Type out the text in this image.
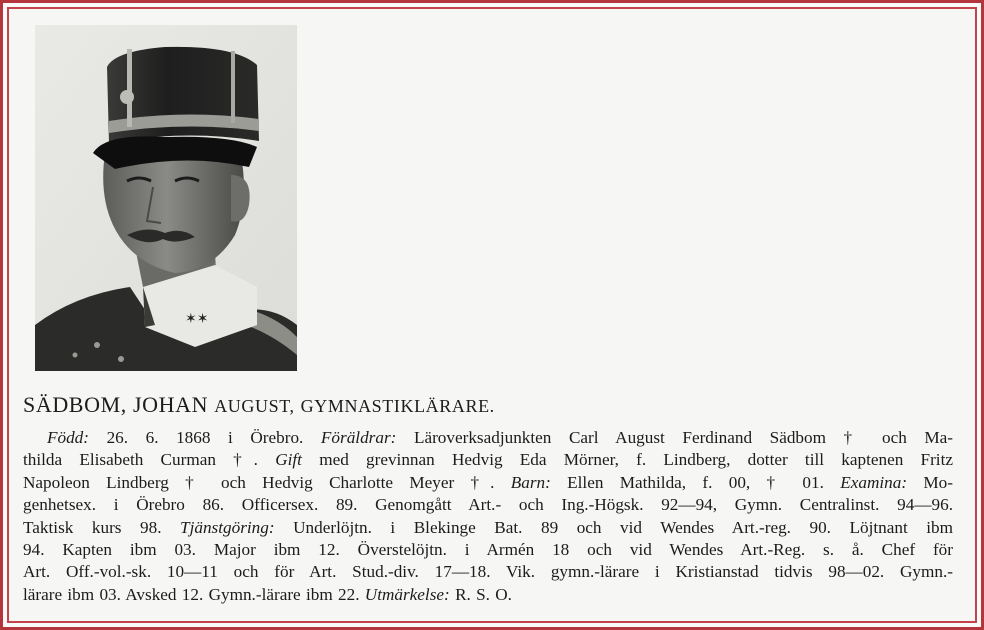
✶✶
SÄDBOM, JOHAN AUGUST, GYMNASTIKLÄRARE.
Född: 26. 6. 1868 i Örebro. Föräldrar: Läroverksadjunkten Carl August Ferdinand Sädbom † och Ma-
thilda Elisabeth Curman †. Gift med grevinnan Hedvig Eda Mörner, f. Lindberg, dotter till kaptenen Fritz
Napoleon Lindberg † och Hedvig Charlotte Meyer †. Barn: Ellen Mathilda, f. 00, † 01. Examina: Mo-
genhetsex. i Örebro 86. Officersex. 89. Genomgått Art.- och Ing.-Högsk. 92—94, Gymn. Centralinst. 94—96.
Taktisk kurs 98. Tjänstgöring: Underlöjtn. i Blekinge Bat. 89 och vid Wendes Art.-reg. 90. Löjtnant ibm
94. Kapten ibm 03. Major ibm 12. Överstelöjtn. i Armén 18 och vid Wendes Art.-Reg. s. å. Chef för
Art. Off.-vol.-sk. 10—11 och för Art. Stud.-div. 17—18. Vik. gymn.-lärare i Kristianstad tidvis 98—02. Gymn.-
lärare ibm 03. Avsked 12. Gymn.-lärare ibm 22. Utmärkelse: R. S. O.
